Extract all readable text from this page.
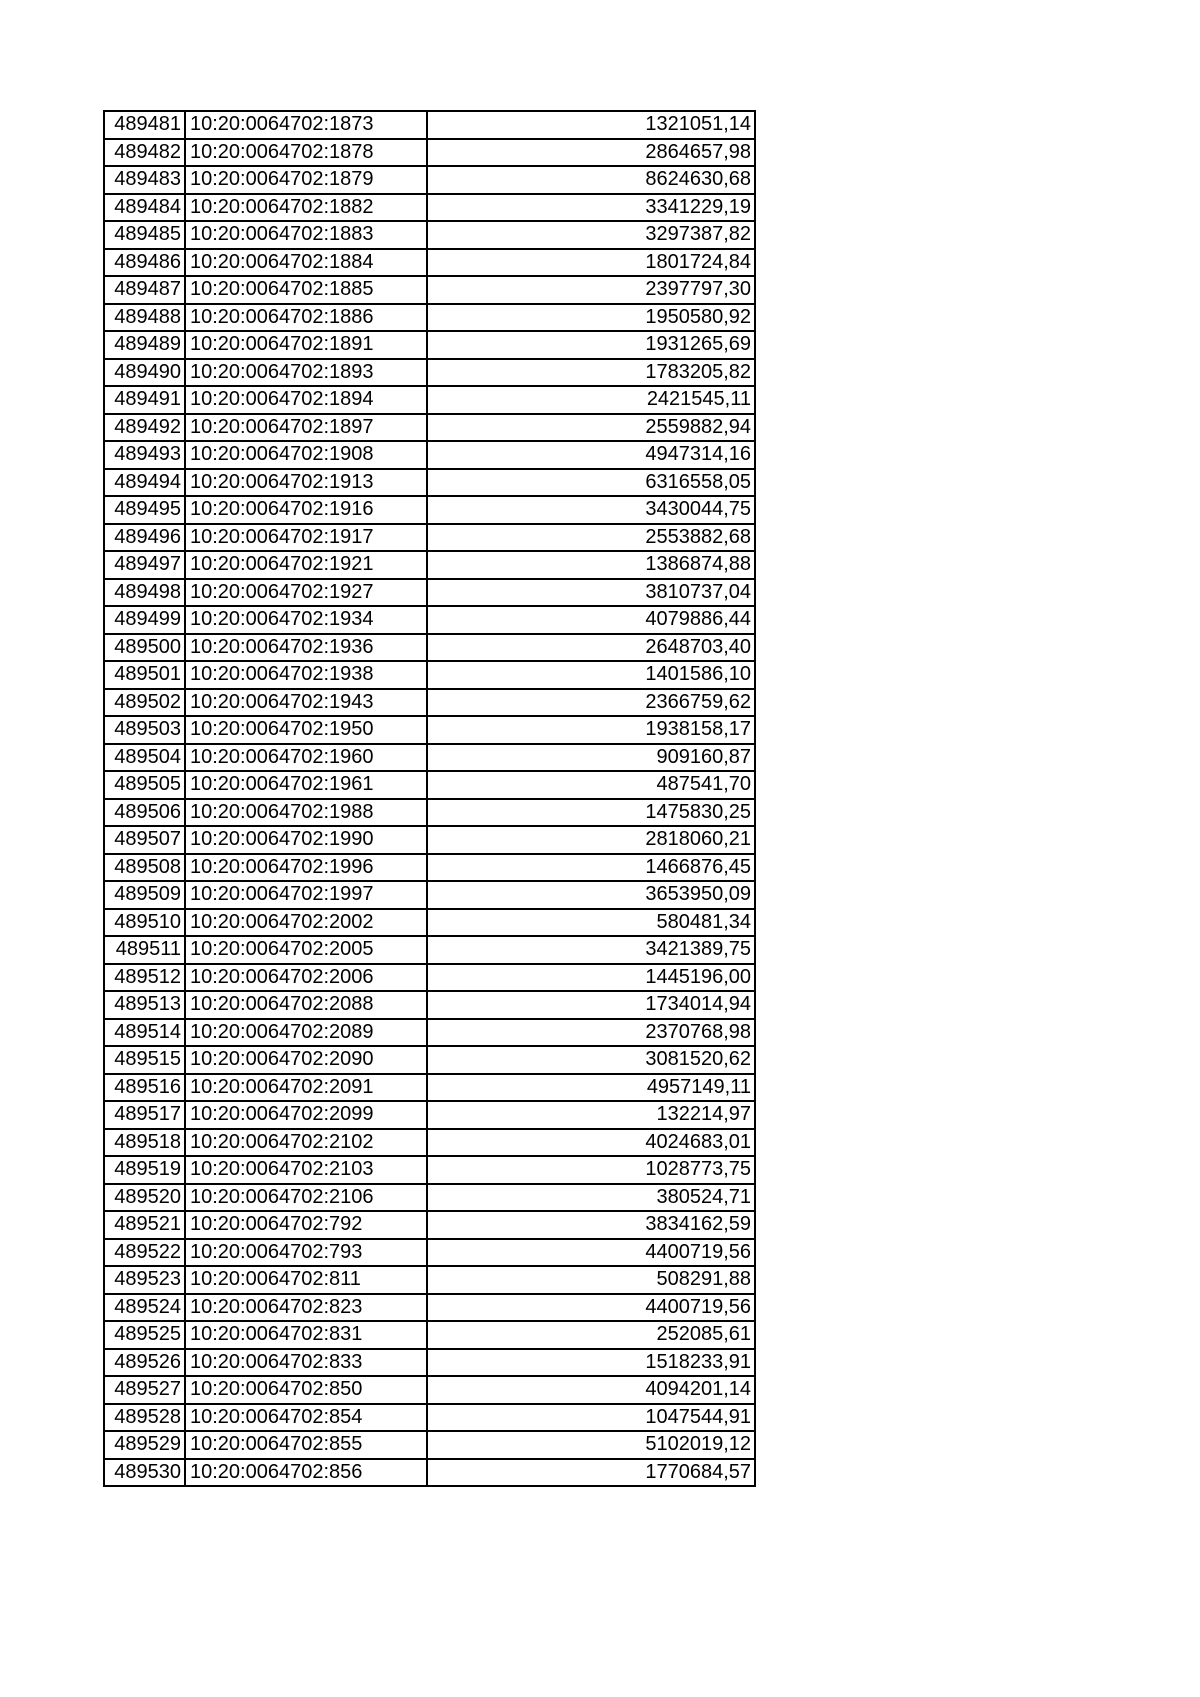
489481	10:20:0064702:1873	1321051,14
489482	10:20:0064702:1878	2864657,98
489483	10:20:0064702:1879	8624630,68
489484	10:20:0064702:1882	3341229,19
489485	10:20:0064702:1883	3297387,82
489486	10:20:0064702:1884	1801724,84
489487	10:20:0064702:1885	2397797,30
489488	10:20:0064702:1886	1950580,92
489489	10:20:0064702:1891	1931265,69
489490	10:20:0064702:1893	1783205,82
489491	10:20:0064702:1894	2421545,11
489492	10:20:0064702:1897	2559882,94
489493	10:20:0064702:1908	4947314,16
489494	10:20:0064702:1913	6316558,05
489495	10:20:0064702:1916	3430044,75
489496	10:20:0064702:1917	2553882,68
489497	10:20:0064702:1921	1386874,88
489498	10:20:0064702:1927	3810737,04
489499	10:20:0064702:1934	4079886,44
489500	10:20:0064702:1936	2648703,40
489501	10:20:0064702:1938	1401586,10
489502	10:20:0064702:1943	2366759,62
489503	10:20:0064702:1950	1938158,17
489504	10:20:0064702:1960	909160,87
489505	10:20:0064702:1961	487541,70
489506	10:20:0064702:1988	1475830,25
489507	10:20:0064702:1990	2818060,21
489508	10:20:0064702:1996	1466876,45
489509	10:20:0064702:1997	3653950,09
489510	10:20:0064702:2002	580481,34
489511	10:20:0064702:2005	3421389,75
489512	10:20:0064702:2006	1445196,00
489513	10:20:0064702:2088	1734014,94
489514	10:20:0064702:2089	2370768,98
489515	10:20:0064702:2090	3081520,62
489516	10:20:0064702:2091	4957149,11
489517	10:20:0064702:2099	132214,97
489518	10:20:0064702:2102	4024683,01
489519	10:20:0064702:2103	1028773,75
489520	10:20:0064702:2106	380524,71
489521	10:20:0064702:792	3834162,59
489522	10:20:0064702:793	4400719,56
489523	10:20:0064702:811	508291,88
489524	10:20:0064702:823	4400719,56
489525	10:20:0064702:831	252085,61
489526	10:20:0064702:833	1518233,91
489527	10:20:0064702:850	4094201,14
489528	10:20:0064702:854	1047544,91
489529	10:20:0064702:855	5102019,12
489530	10:20:0064702:856	1770684,57
